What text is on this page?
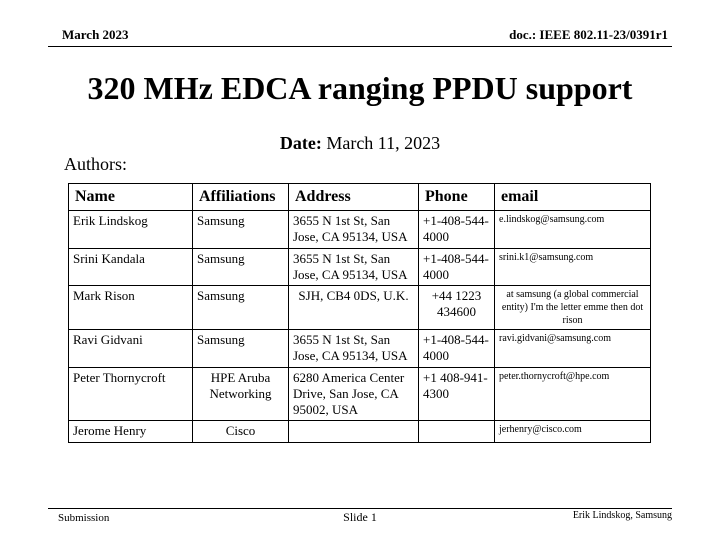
March 2023	doc.: IEEE 802.11-23/0391r1
320 MHz EDCA ranging PPDU support
Date: March 11, 2023
Authors:
Name	Affiliations	Address	Phone	email
Erik Lindskog	Samsung	3655 N 1st St, San Jose, CA 95134, USA	+1-408-544-4000	e.lindskog@samsung.com
Srini Kandala	Samsung	3655 N 1st St, San Jose, CA 95134, USA	+1-408-544-4000	srini.k1@samsung.com
Mark Rison	Samsung	SJH, CB4 0DS, U.K.	+44 1223 434600	at samsung (a global commercial entity) I'm the letter emme then dot rison
Ravi Gidvani	Samsung	3655 N 1st St, San Jose, CA 95134, USA	+1-408-544-4000	ravi.gidvani@samsung.com
Peter Thornycroft	HPE Aruba Networking	6280 America Center Drive, San Jose, CA 95002, USA	+1 408-941-4300	peter.thornycroft@hpe.com
Jerome Henry	Cisco			jerhenry@cisco.com
Submission	Slide 1	Erik Lindskog, Samsung
